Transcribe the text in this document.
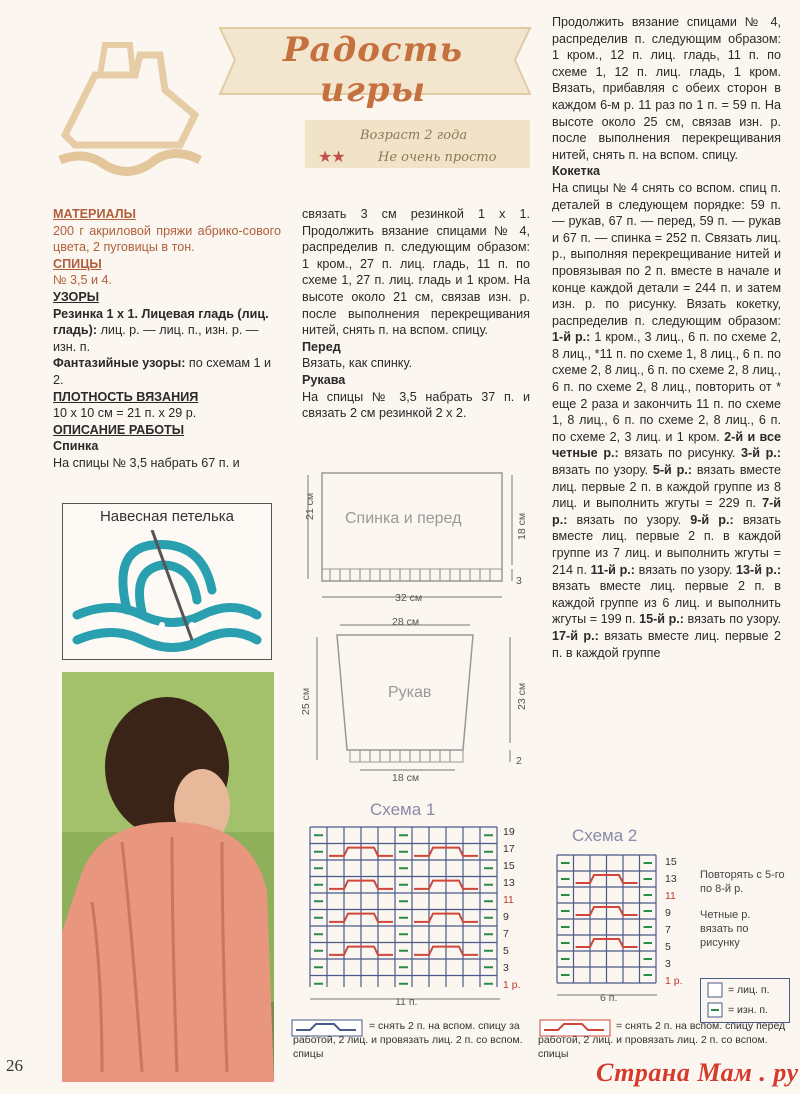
Радость игры
Возраст 2 года
Не очень просто
★★
МАТЕРИАЛЫ
200 г акриловой пряжи абрико-сового цвета, 2 пуговицы в тон.
СПИЦЫ
№ 3,5 и 4.
УЗОРЫ
Резинка 1 х 1. Лицевая гладь (лиц. гладь): лиц. р. — лиц. п., изн. р. —изн. п.
Фантазийные узоры: по схемам 1 и 2.
ПЛОТНОСТЬ ВЯЗАНИЯ
10 х 10 см = 21 п. х 29 р.
ОПИСАНИЕ РАБОТЫ
Спинка
На спицы № 3,5 набрать 67 п. и
Навесная петелька
связать 3 см резинкой 1 х 1. Продолжить вязание спицами № 4, распределив п. следующим образом: 1 кром., 27 п. лиц. гладь, 11 п. по схеме 1, 27 п. лиц. гладь и 1 кром. На высоте около 21 см, связав изн. р. после выполнения перекрещивания нитей, снять п. на вспом. спицу.
Перед
Вязать, как спинку.
Рукава
На спицы № 3,5 набрать 37 п. и связать 2 см резинкой 2 х 2.
Спинка и перед
21 см
18 см
3
32 см
28 см
Рукав
25 см	23 см
2
18 см
Продолжить вязание спицами № 4, распределив п. следующим образом: 1 кром., 12 п. лиц. гладь, 11 п. по схеме 1, 12 п. лиц. гладь, 1 кром. Вязать, прибавляя с обеих сторон в каждом 6-м р. 11 раз по 1 п. = 59 п. На высоте около 25 см, связав изн. р. после выполнения перекрещивания нитей, снять п. на вспом. спицу.
Кокетка
На спицы № 4 снять со вспом. спиц п. деталей в следующем порядке: 59 п. — рукав, 67 п. — перед, 59 п. — рукав и 67 п. — спинка = 252 п. Связать лиц. р., выполняя перекрещивание нитей и провязывая по 2 п. вместе в начале и конце каждой детали = 244 п. и затем изн. р. по рисунку. Вязать кокетку, распределив п. следующим образом: 1-й р.: 1 кром., 3 лиц., 6 п. по схеме 2, 8 лиц., *11 п. по схеме 1, 8 лиц., 6 п. по схеме 2, 8 лиц., 6 п. по схеме 2, 8 лиц., 6 п. по схеме 2, 8 лиц., повторить от * еще 2 раза и закончить 11 п. по схеме 1, 8 лиц., 6 п. по схеме 2, 8 лиц., 6 п. по схеме 2, 3 лиц. и 1 кром. 2-й и все четные р.: вязать по рисунку. 3-й р.: вязать по узору. 5-й р.: вязать вместе лиц. первые 2 п. в каждой группе из 8 лиц. и выполнить жгуты = 229 п. 7-й р.: вязать по узору. 9-й р.: вязать вместе лиц. первые 2 п. в каждой группе из 7 лиц. и выполнить жгуты = 214 п. 11-й р.: вязать по узору. 13-й р.: вязать вместе лиц. первые 2 п. в каждой группе из 6 лиц. и выполнить жгуты = 199 п. 15-й р.: вязать по узору. 17-й р.: вязать вместе лиц. первые 2 п. в каждой группе
Схема 1
19
17
15
13
11
9
7
5
3
1 р.
11 п.
Схема 2
15
13
11
9
7
5
3
1 р.
Повторять с 5-го по 8-й р.
Четные р. вязать по рисунку
6 п.
= лиц. п.
= изн. п.
= снять 2 п. на вспом. спицу за работой, 2 лиц. и провязать лиц. 2 п. со вспом. спицы
= снять 2 п. на вспом. спицу перед работой, 2 лиц. и провязать лиц. 2 п. со вспом. спицы
26	Страна Мам . ру
